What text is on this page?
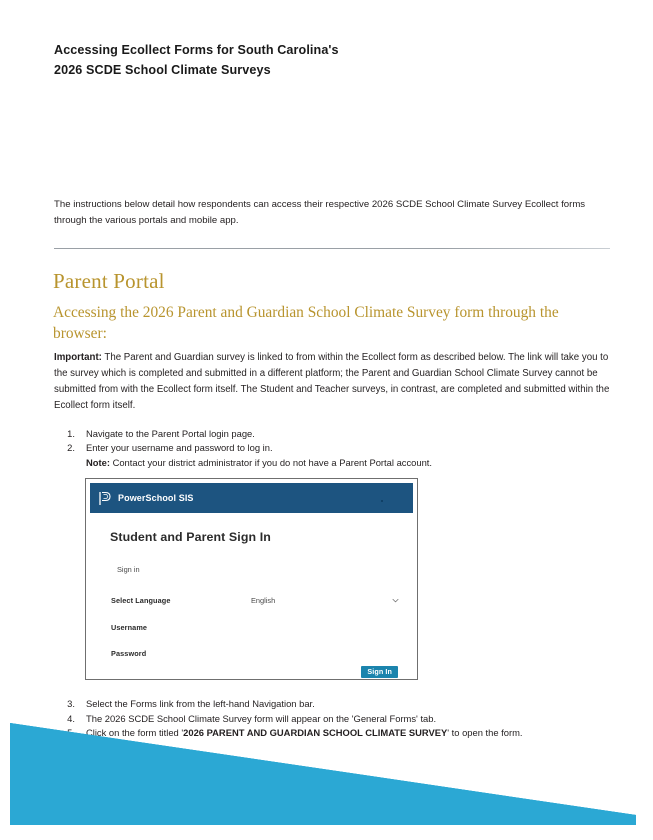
Accessing Ecollect Forms for South Carolina's
2026 SCDE School Climate Surveys
The instructions below detail how respondents can access their respective 2026 SCDE School Climate Survey Ecollect forms through the various portals and mobile app.
Parent Portal
Accessing the 2026 Parent and Guardian School Climate Survey form through the browser:
Important: The Parent and Guardian survey is linked to from within the Ecollect form as described below. The link will take you to the survey which is completed and submitted in a different platform; the Parent and Guardian School Climate Survey cannot be submitted from with the Ecollect form itself. The Student and Teacher surveys, in contrast, are completed and submitted within the Ecollect form itself.
1.	Navigate to the Parent Portal login page.
2.	Enter your username and password to log in.
Note: Contact your district administrator if you do not have a Parent Portal account.
PowerSchool SIS
Student and Parent Sign In
Sign in
Select Language	English
Username
Password
Sign In
3.	Select the Forms link from the left-hand Navigation bar.
4.	The 2026 SCDE School Climate Survey form will appear on the 'General Forms' tab.
Click on the form titled '2026 PARENT AND GUARDIAN SCHOOL CLIMATE SURVEY' to open the form.
